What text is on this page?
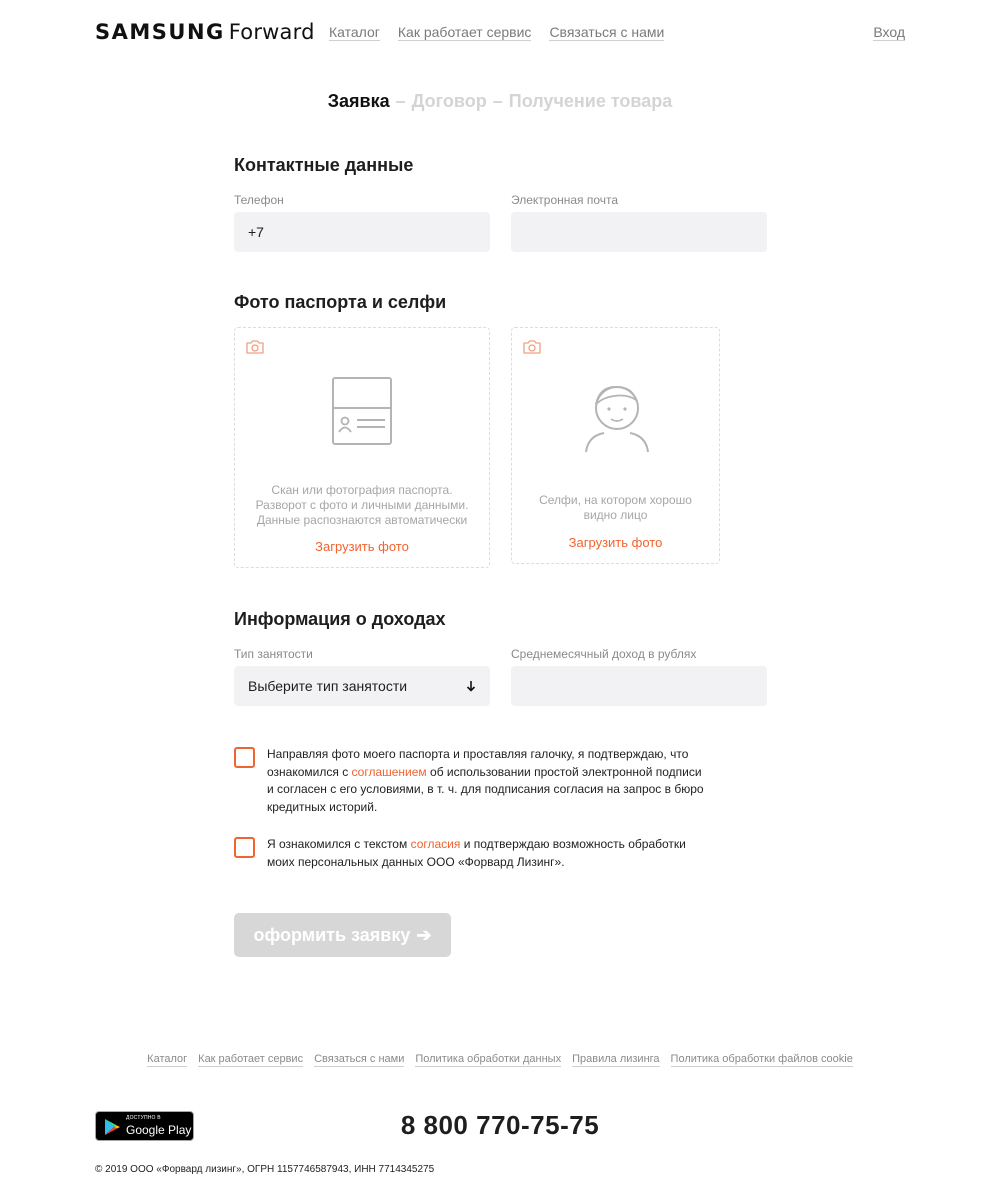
SAMSUNG Forward Каталог Как работает сервис Связаться с нами	Вход
Заявка – Договор – Получение товара
Контактные данные
Телефон
+7
Электронная почта
Фото паспорта и селфи
Скан или фотография паспорта.
Разворот с фото и личными данными.
Данные распознаются автоматически
Загрузить фото
Селфи, на котором хорошо
видно лицо
Загрузить фото
Информация о доходах
Тип занятости
Выберите тип занятости
Среднемесячный доход в рублях
Направляя фото моего паспорта и проставляя галочку, я подтверждаю, что ознакомился с соглашением об использовании простой электронной подписи и согласен с его условиями, в т. ч. для подписания согласия на запрос в бюро кредитных историй.
Я ознакомился с текстом согласия и подтверждаю возможность обработки моих персональных данных ООО «Форвард Лизинг».
оформить заявку ➔
Каталог Как работает сервис Связаться с нами Политика обработки данных Правила лизинга Политика обработки файлов cookie
ДОСТУПНО В
Google Play	8 800 770-75-75
© 2019 ООО «Форвард лизинг», ОГРН 1157746587943, ИНН 7714345275
